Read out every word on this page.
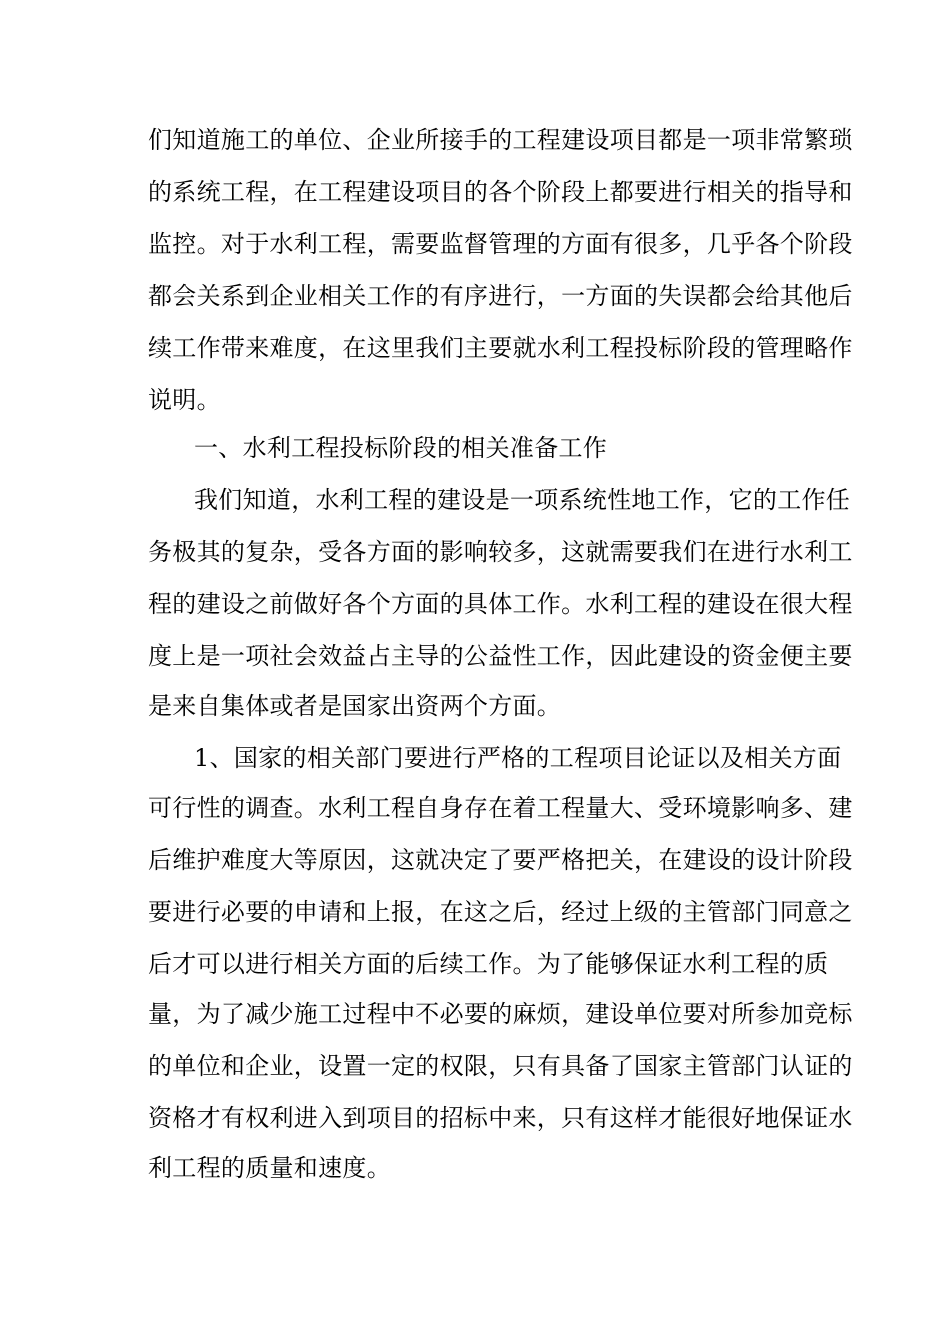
们知道施工的单位、企业所接手的工程建设项目都是一项非常繁琐
的系统工程，在工程建设项目的各个阶段上都要进行相关的指导和
监控。对于水利工程，需要监督管理的方面有很多，几乎各个阶段
都会关系到企业相关工作的有序进行，一方面的失误都会给其他后
续工作带来难度，在这里我们主要就水利工程投标阶段的管理略作
说明。
一、水利工程投标阶段的相关准备工作
我们知道，水利工程的建设是一项系统性地工作，它的工作任
务极其的复杂，受各方面的影响较多，这就需要我们在进行水利工
程的建设之前做好各个方面的具体工作。水利工程的建设在很大程
度上是一项社会效益占主导的公益性工作，因此建设的资金便主要
是来自集体或者是国家出资两个方面。
1、国家的相关部门要进行严格的工程项目论证以及相关方面
可行性的调查。水利工程自身存在着工程量大、受环境影响多、建
后维护难度大等原因，这就决定了要严格把关，在建设的设计阶段
要进行必要的申请和上报，在这之后，经过上级的主管部门同意之
后才可以进行相关方面的后续工作。为了能够保证水利工程的质
量，为了减少施工过程中不必要的麻烦，建设单位要对所参加竞标
的单位和企业，设置一定的权限，只有具备了国家主管部门认证的
资格才有权利进入到项目的招标中来，只有这样才能很好地保证水
利工程的质量和速度。
